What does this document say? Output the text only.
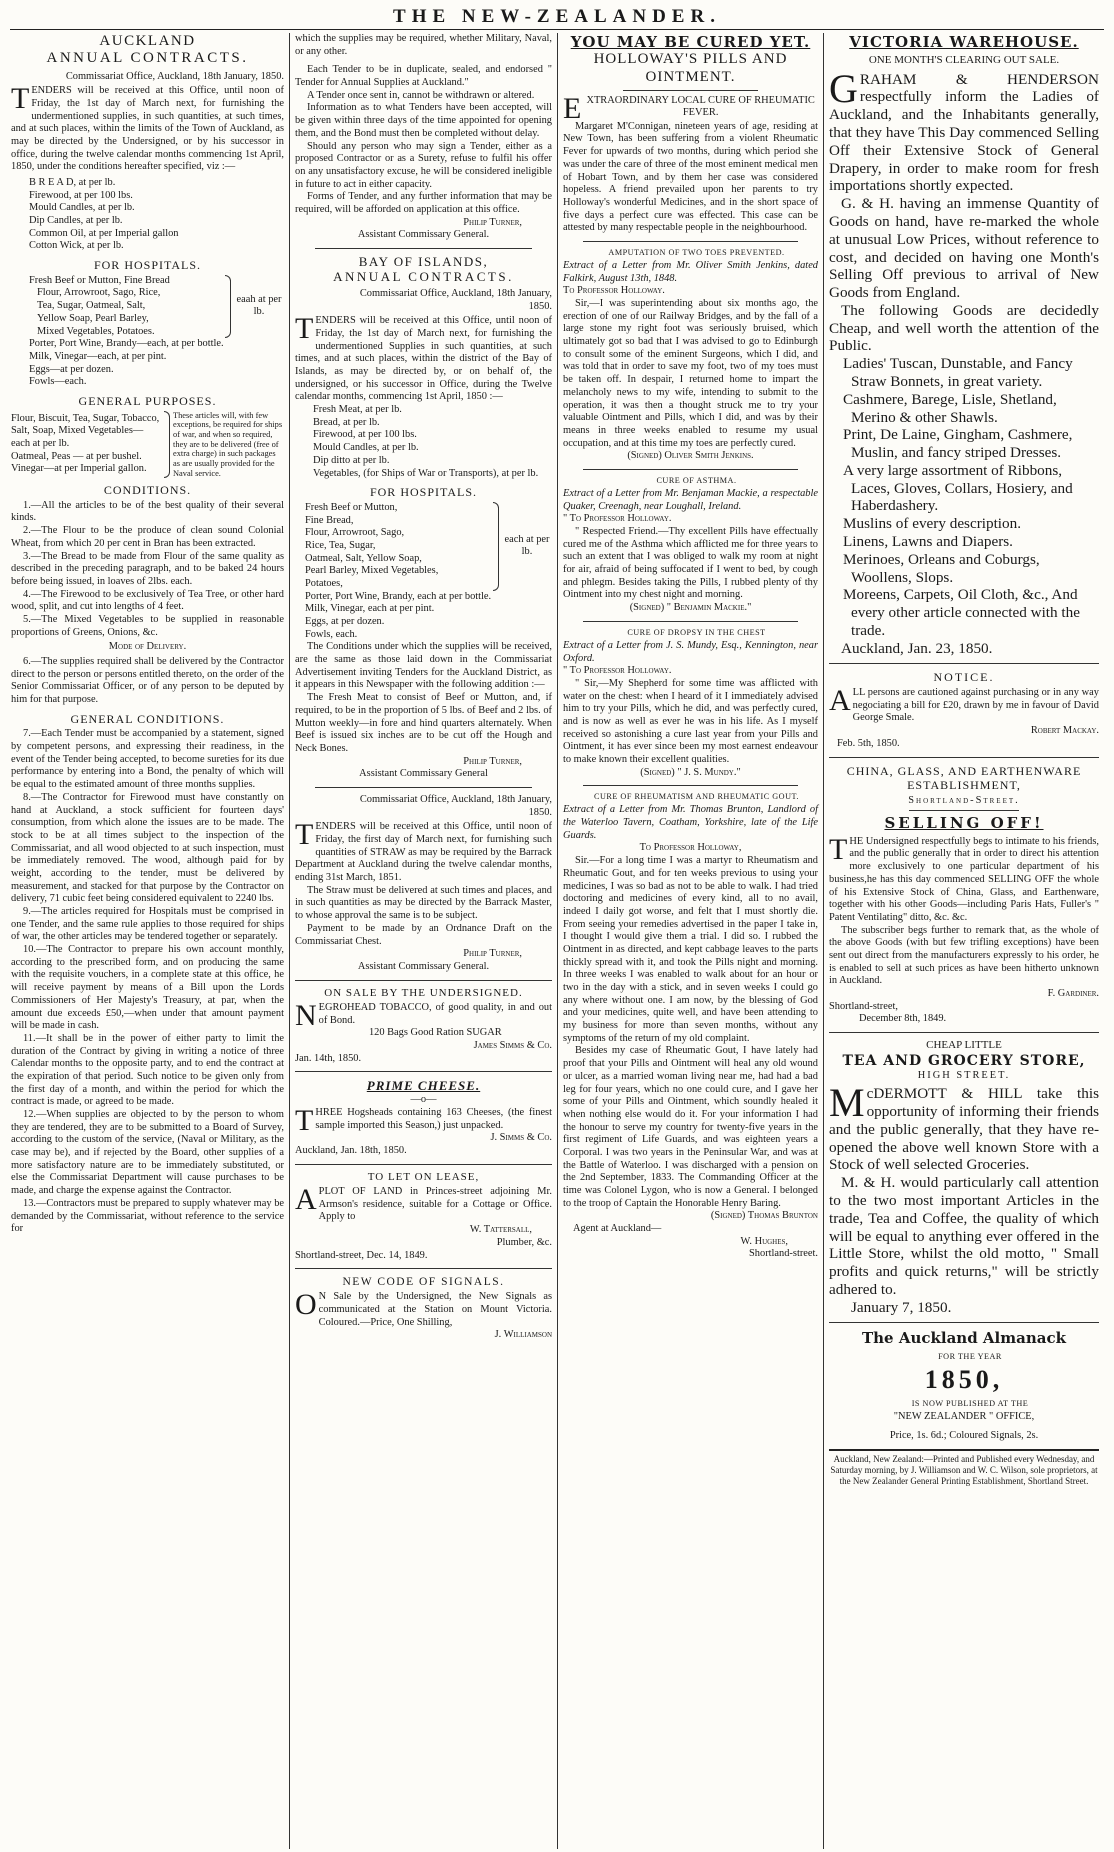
THE NEW-ZEALANDER.
AUCKLAND
ANNUAL CONTRACTS.

Commissariat Office, Auckland, 18th January, 1850.

TENDERS will be received at this Office, until noon of Friday, the 1st day of March next, for furnishing the undermentioned supplies, in such quantities, at such times, and at such places, within the limits of the Town of Auckland, as may be directed by the Undersigned, or by his successor in office, during the twelve calendar months commencing 1st April, 1850, under the conditions hereafter specified, viz :—

B R E A D, at per lb.
Firewood, at per 100 lbs.
Mould Candles, at per lb.
Dip Candles, at per lb.
Common Oil, at per Imperial gallon
Cotton Wick, at per lb.
FOR HOSPITALS.
Fresh Beef or Mutton, Fine Bread
Flour, Arrowroot, Sago, Rice,
Tea, Sugar, Oatmeal, Salt,
Yellow Soap, Pearl Barley,
Mixed Vegetables, Potatoes.
eaah at per lb.
Porter, Port Wine, Brandy—each, at per bottle.
Milk, Vinegar—each, at per pint.
Eggs—at per dozen.
Fowls—each.
GENERAL PURPOSES.
Flour, Biscuit, Tea, Sugar, Tobacco, Salt, Soap, Mixed Vegetables—each at per lb.
Oatmeal, Peas — at per bushel.
Vinegar—at per Imperial gallon.
These articles will, with few exceptions, be required for ships of war, and when so required, they are to be delivered (free of extra charge) in such packages as are usually provided for the Naval service.
CONDITIONS.

1.—All the articles to be of the best quality of their several kinds.

2.—The Flour to be the produce of clean sound Colonial Wheat, from which 20 per cent in Bran has been extracted.

3.—The Bread to be made from Flour of the same quality as described in the preceding paragraph, and to be baked 24 hours before being issued, in loaves of 2lbs. each.

4.—The Firewood to be exclusively of Tea Tree, or other hard wood, split, and cut into lengths of 4 feet.

5.—The Mixed Vegetables to be supplied in reasonable proportions of Greens, Onions, &c.

Mode of Delivery.

6.—The supplies required shall be delivered by the Contractor direct to the person or persons entitled thereto, on the order of the Senior Commissariat Officer, or of any person to be deputed by him for that purpose.

GENERAL CONDITIONS.

7.—Each Tender must be accompanied by a statement, signed by competent persons, and expressing their readiness, in the event of the Tender being accepted, to become sureties for its due performance by entering into a Bond, the penalty of which will be equal to the estimated amount of three months supplies.

8.—The Contractor for Firewood must have constantly on hand at Auckland, a stock sufficient for fourteen days' consumption, from which alone the issues are to be made. The stock to be at all times subject to the inspection of the Commissariat, and all wood objected to at such inspection, must be immediately removed. The wood, although paid for by weight, according to the tender, must be delivered by measurement, and stacked for that purpose by the Contractor on delivery, 71 cubic feet being considered equivalent to 2240 lbs.

9.—The articles required for Hospitals must be comprised in one Tender, and the same rule applies to those required for ships of war, the other articles may be tendered together or separately.

10.—The Contractor to prepare his own account monthly, according to the prescribed form, and on producing the same with the requisite vouchers, in a complete state at this office, he will receive payment by means of a Bill upon the Lords Commissioners of Her Majesty's Treasury, at par, when the amount due exceeds £50,—when under that amount payment will be made in cash.

11.—It shall be in the power of either party to limit the duration of the Contract by giving in writing a notice of three Calendar months to the opposite party, and to end the contract at the expiration of that period. Such notice to be given only from the first day of a month, and within the period for which the contract is made, or agreed to be made.

12.—When supplies are objected to by the person to whom they are tendered, they are to be submitted to a Board of Survey, according to the custom of the service, (Naval or Military, as the case may be), and if rejected by the Board, other supplies of a more satisfactory nature are to be immediately substituted, or else the Commissariat Department will cause purchases to be made, and charge the expense against the Contractor.

13.—Contractors must be prepared to supply whatever may be demanded by the Commissariat, without reference to the service for

which the supplies may be required, whether Military, Naval, or any other.

Each Tender to be in duplicate, sealed, and endorsed " Tender for Annual Supplies at Auckland."

A Tender once sent in, cannot be withdrawn or altered.

Information as to what Tenders have been accepted, will be given within three days of the time appointed for opening them, and the Bond must then be completed without delay.

Should any person who may sign a Tender, either as a proposed Contractor or as a Surety, refuse to fulfil his offer on any unsatisfactory excuse, he will be considered ineligible in future to act in either capacity.

Forms of Tender, and any further information that may be required, will be afforded on application at this office.

Philip Turner,

Assistant Commissary General.

BAY OF ISLANDS,
ANNUAL CONTRACTS.

Commissariat Office, Auckland, 18th January, 1850.

TENDERS will be received at this Office, until noon of Friday, the 1st day of March next, for furnishing the undermentioned Supplies in such quantities, at such times, and at such places, within the district of the Bay of Islands, as may be directed by, or on behalf of, the undersigned, or his successor in Office, during the Twelve calendar months, commencing 1st April, 1850 :—

Fresh Meat, at per lb.
Bread, at per lb.
Firewood, at per 100 lbs.
Mould Candles, at per lb.
Dip ditto at per lb.
Vegetables, (for Ships of War or Transports), at per lb.
FOR HOSPITALS.
Fresh Beef or Mutton,
Fine Bread,
Flour, Arrowroot, Sago,
Rice, Tea, Sugar,
Oatmeal, Salt, Yellow Soap,
Pearl Barley, Mixed Vegetables,
Potatoes,
each at per lb.
Porter, Port Wine, Brandy, each at per bottle.
Milk, Vinegar, each at per pint.
Eggs, at per dozen.
Fowls, each.

The Conditions under which the supplies will be received, are the same as those laid down in the Commissariat Advertisement inviting Tenders for the Auckland District, as it appears in this Newspaper with the following addition :—

The Fresh Meat to consist of Beef or Mutton, and, if required, to be in the proportion of 5 lbs. of Beef and 2 lbs. of Mutton weekly—in fore and hind quarters alternately. When Beef is issued six inches are to be cut off the Hough and Neck Bones.

Philip Turner,

Assistant Commissary General

Commissariat Office, Auckland, 18th January, 1850.

TENDERS will be received at this Office, until noon of Friday, the first day of March next, for furnishing such quantities of STRAW as may be required by the Barrack Department at Auckland during the twelve calendar months, ending 31st March, 1851.

The Straw must be delivered at such times and places, and in such quantities as may be directed by the Barrack Master, to whose approval the same is to be subject.

Payment to be made by an Ordnance Draft on the Commissariat Chest.

Philip Turner,

Assistant Commissary General.

ON SALE BY THE UNDERSIGNED.

NEGROHEAD TOBACCO, of good quality, in and out of Bond.

120 Bags Good Ration SUGAR

James Simms & Co.

Jan. 14th, 1850.

PRIME CHEESE.

—o—

THREE Hogsheads containing 163 Cheeses, (the finest sample imported this Season,) just unpacked.

J. Simms & Co.

Auckland, Jan. 18th, 1850.

TO LET ON LEASE,

APLOT OF LAND in Princes-street adjoining Mr. Armson's residence, suitable for a Cottage or Office. Apply to

W. Tattersall,

Plumber, &c.

Shortland-street, Dec. 14, 1849.

NEW CODE OF SIGNALS.

O N Sale by the Undersigned, the New Signals as communicated at the Station on Mount Victoria. Coloured.—Price, One Shilling,

J. Williamson

YOU MAY BE CURED YET.

HOLLOWAY'S PILLS AND OINTMENT.

EXTRAORDINARY LOCAL CURE OF RHEUMATIC FEVER.

Margaret M'Connigan, nineteen years of age, residing at New Town, has been suffering from a violent Rheumatic Fever for upwards of two months, during which period she was under the care of three of the most eminent medical men of Hobart Town, and by them her case was considered hopeless. A friend prevailed upon her parents to try Holloway's wonderful Medicines, and in the short space of five days a perfect cure was effected. This case can be attested by many respectable people in the neighbourhood.

AMPUTATION OF TWO TOES PREVENTED.

Extract of a Letter from Mr. Oliver Smith Jenkins, dated Falkirk, August 13th, 1848.

To Professor Holloway.

Sir,—I was superintending about six months ago, the erection of one of our Railway Bridges, and by the fall of a large stone my right foot was seriously bruised, which ultimately got so bad that I was advised to go to Edinburgh to consult some of the eminent Surgeons, which I did, and was told that in order to save my foot, two of my toes must be taken off. In despair, I returned home to impart the melancholy news to my wife, intending to submit to the operation, it was then a thought struck me to try your valuable Ointment and Pills, which I did, and was by their means in three weeks enabled to resume my usual occupation, and at this time my toes are perfectly cured.

(Signed) Oliver Smith Jenkins.

CURE OF ASTHMA.

Extract of a Letter from Mr. Benjaman Mackie, a respectable Quaker, Creenagh, near Loughall, Ireland.

" To Professor Holloway.

" Respected Friend.—Thy excellent Pills have effectually cured me of the Asthma which afflicted me for three years to such an extent that I was obliged to walk my room at night for air, afraid of being suffocated if I went to bed, by cough and phlegm. Besides taking the Pills, I rubbed plenty of thy Ointment into my chest night and morning.

(Signed) " Benjamin Mackie."

CURE OF DROPSY IN THE CHEST

Extract of a Letter from J. S. Mundy, Esq., Kennington, near Oxford.

" To Professor Holloway.

" Sir,—My Shepherd for some time was afflicted with water on the chest: when I heard of it I immediately advised him to try your Pills, which he did, and was perfectly cured, and is now as well as ever he was in his life. As I myself received so astonishing a cure last year from your Pills and Ointment, it has ever since been my most earnest endeavour to make known their excellent qualities.

(Signed) " J. S. Mundy."

CURE OF RHEUMATISM AND RHEUMATIC GOUT.

Extract of a Letter from Mr. Thomas Brunton, Landlord of the Waterloo Tavern, Coatham, Yorkshire, late of the Life Guards.

To Professor Holloway,

Sir.—For a long time I was a martyr to Rheumatism and Rheumatic Gout, and for ten weeks previous to using your medicines, I was so bad as not to be able to walk. I had tried doctoring and medicines of every kind, all to no avail, indeed I daily got worse, and felt that I must shortly die. From seeing your remedies advertised in the paper I take in, I thought I would give them a trial. I did so. I rubbed the Ointment in as directed, and kept cabbage leaves to the parts thickly spread with it, and took the Pills night and morning. In three weeks I was enabled to walk about for an hour or two in the day with a stick, and in seven weeks I could go any where without one. I am now, by the blessing of God and your medicines, quite well, and have been attending to my business for more than seven months, without any symptoms of the return of my old complaint.

Besides my case of Rheumatic Gout, I have lately had proof that your Pills and Ointment will heal any old wound or ulcer, as a married woman living near me, had had a bad leg for four years, which no one could cure, and I gave her some of your Pills and Ointment, which soundly healed it when nothing else would do it. For your information I had the honour to serve my country for twenty-five years in the first regiment of Life Guards, and was eighteen years a Corporal. I was two years in the Peninsular War, and was at the Battle of Waterloo. I was discharged with a pension on the 2nd September, 1833. The Commanding Officer at the time was Colonel Lygon, who is now a General. I belonged to the troop of Captain the Honorable Henry Baring.

(Signed) Thomas Brunton

Agent at Auckland—

W. Hughes,

Shortland-street.

VICTORIA WAREHOUSE.

ONE MONTH'S CLEARING OUT SALE.

GRAHAM & HENDERSON respectfully inform the Ladies of Auckland, and the Inhabitants generally, that they have This Day commenced Selling Off their Extensive Stock of General Drapery, in order to make room for fresh importations shortly expected.

G. & H. having an immense Quantity of Goods on hand, have re-marked the whole at unusual Low Prices, without reference to cost, and decided on having one Month's Selling Off previous to arrival of New Goods from England.

The following Goods are decidedly Cheap, and well worth the attention of the Public.

Ladies' Tuscan, Dunstable, and Fancy Straw Bonnets, in great variety.
Cashmere, Barege, Lisle, Shetland, Merino & other Shawls.
Print, De Laine, Gingham, Cashmere, Muslin, and fancy striped Dresses.
A very large assortment of Ribbons, Laces, Gloves, Collars, Hosiery, and Haberdashery.
Muslins of every description.
Linens, Lawns and Diapers.
Merinoes, Orleans and Coburgs, Woollens, Slops.
Moreens, Carpets, Oil Cloth, &c., And every other article connected with the trade.

Auckland, Jan. 23, 1850.

NOTICE.

ALL persons are cautioned against purchasing or in any way negociating a bill for £20, drawn by me in favour of David George Smale.

Robert Mackay.

Feb. 5th, 1850.

CHINA, GLASS, AND EARTHENWARE ESTABLISHMENT,

Shortland-Street.

SELLING OFF!

THE Undersigned respectfully begs to intimate to his friends, and the public generally that in order to direct his attention more exclusively to one particular department of his business,he has this day commenced SELLING OFF the whole of his Extensive Stock of China, Glass, and Earthenware, together with his other Goods—including Paris Hats, Fuller's " Patent Ventilating" ditto, &c. &c.

The subscriber begs further to remark that, as the whole of the above Goods (with but few trifling exceptions) have been sent out direct from the manufacturers expressly to his order, he is enabled to sell at such prices as have been hitherto unknown in Auckland.

F. Gardiner.

Shortland-street,

December 8th, 1849.

CHEAP LITTLE

TEA AND GROCERY STORE,

HIGH STREET.

McDERMOTT & HILL take this opportunity of informing their friends and the public generally, that they have re-opened the above well known Store with a Stock of well selected Groceries.

M. & H. would particularly call attention to the two most important Articles in the trade, Tea and Coffee, the quality of which will be equal to anything ever offered in the Little Store, whilst the old motto, " Small profits and quick returns," will be strictly adhered to.

January 7, 1850.

The Auckland Almanack

FOR THE YEAR

1850,

IS NOW PUBLISHED AT THE

"NEW ZEALANDER " OFFICE,

Price, 1s. 6d.; Coloured Signals, 2s.

Auckland, New Zealand:—Printed and Published every Wednesday, and Saturday morning, by J. Williamson and W. C. Wilson, sole proprietors, at the New Zealander General Printing Establishment, Shortland Street.
